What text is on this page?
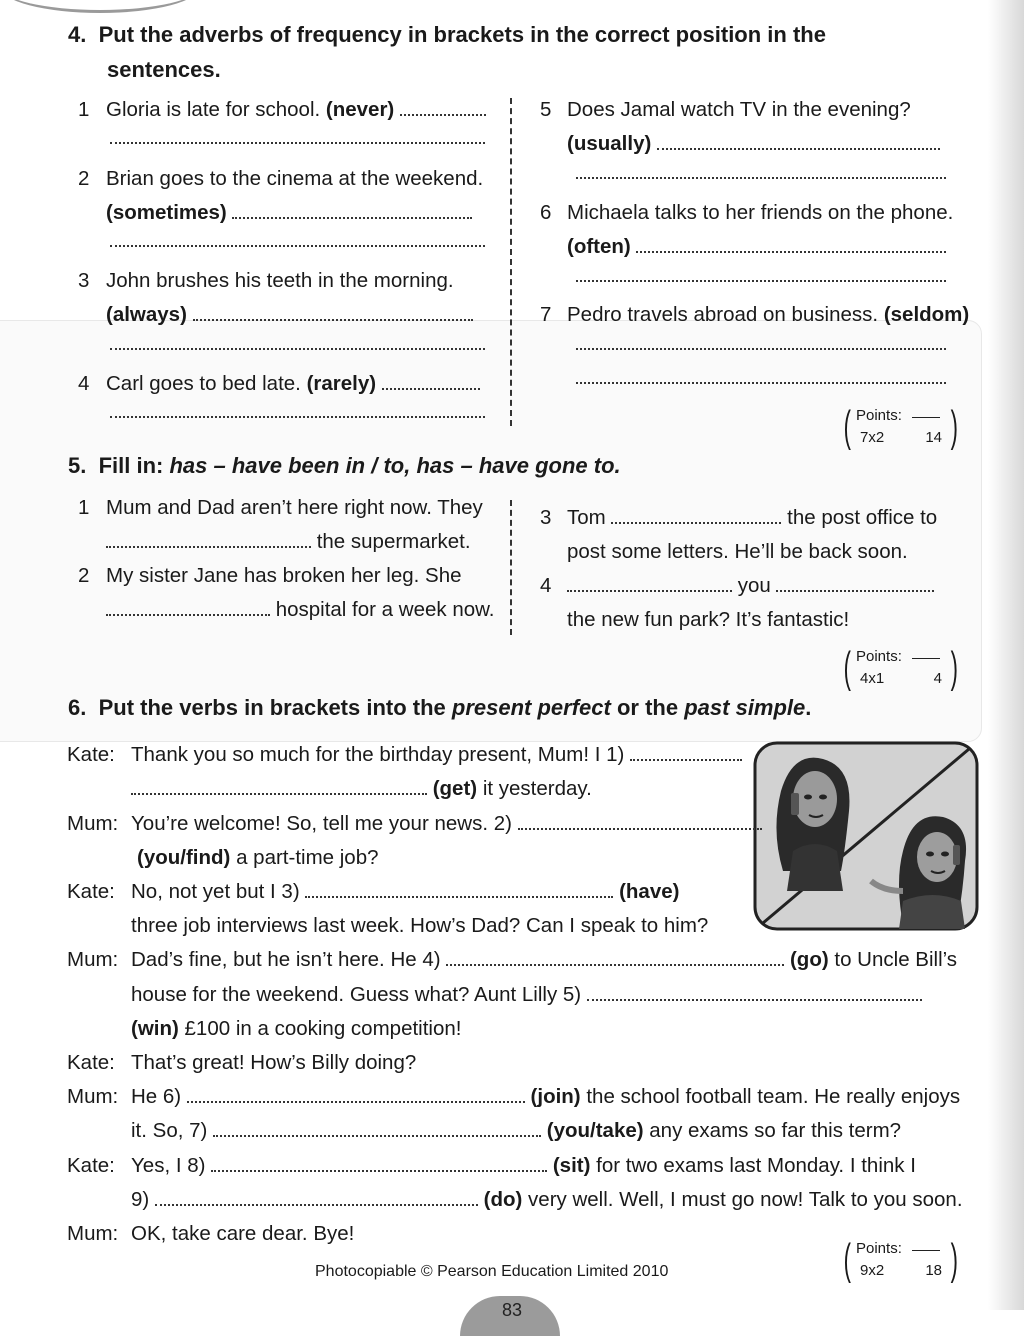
4. Put the adverbs of frequency in brackets in the correct position in the
sentences.
1 Gloria is late for school. (never)
2 Brian goes to the cinema at the weekend.
(sometimes)
3 John brushes his teeth in the morning.
(always)
4 Carl goes to bed late. (rarely)
5 Does Jamal watch TV in the evening?
(usually)
6 Michaela talks to her friends on the phone.
(often)
7 Pedro travels abroad on business. (seldom)
( )
Points:
7x2	14
5. Fill in: has – have been in / to, has – have gone to.
1 Mum and Dad aren’t here right now. They
the supermarket.
2 My sister Jane has broken her leg. She
hospital for a week now.
3 Tom	the post office to
post some letters. He’ll be back soon.
4	you
the new fun park? It’s fantastic!
( )
Points:
4x1	4
6. Put the verbs in brackets into the present perfect or the past simple.
Kate: Thank you so much for the birthday present, Mum! I 1)
(get) it yesterday.
Mum: You’re welcome! So, tell me your news. 2)
(you/find) a part-time job?
Kate: No, not yet but I 3)	(have)
three job interviews last week. How’s Dad? Can I speak to him?
Mum: Dad’s fine, but he isn’t here. He 4)	(go) to Uncle Bill’s
house for the weekend. Guess what? Aunt Lilly 5)
(win) £100 in a cooking competition!
Kate: That’s great! How’s Billy doing?
Mum: He 6)	(join) the school football team. He really enjoys
it. So, 7)	(you/take) any exams so far this term?
Kate: Yes, I 8)	(sit) for two exams last Monday. I think I
9)	(do) very well. Well, I must go now! Talk to you soon.
Mum: OK, take care dear. Bye!
( )
Points:
9x2	18
Photocopiable © Pearson Education Limited 2010
83
